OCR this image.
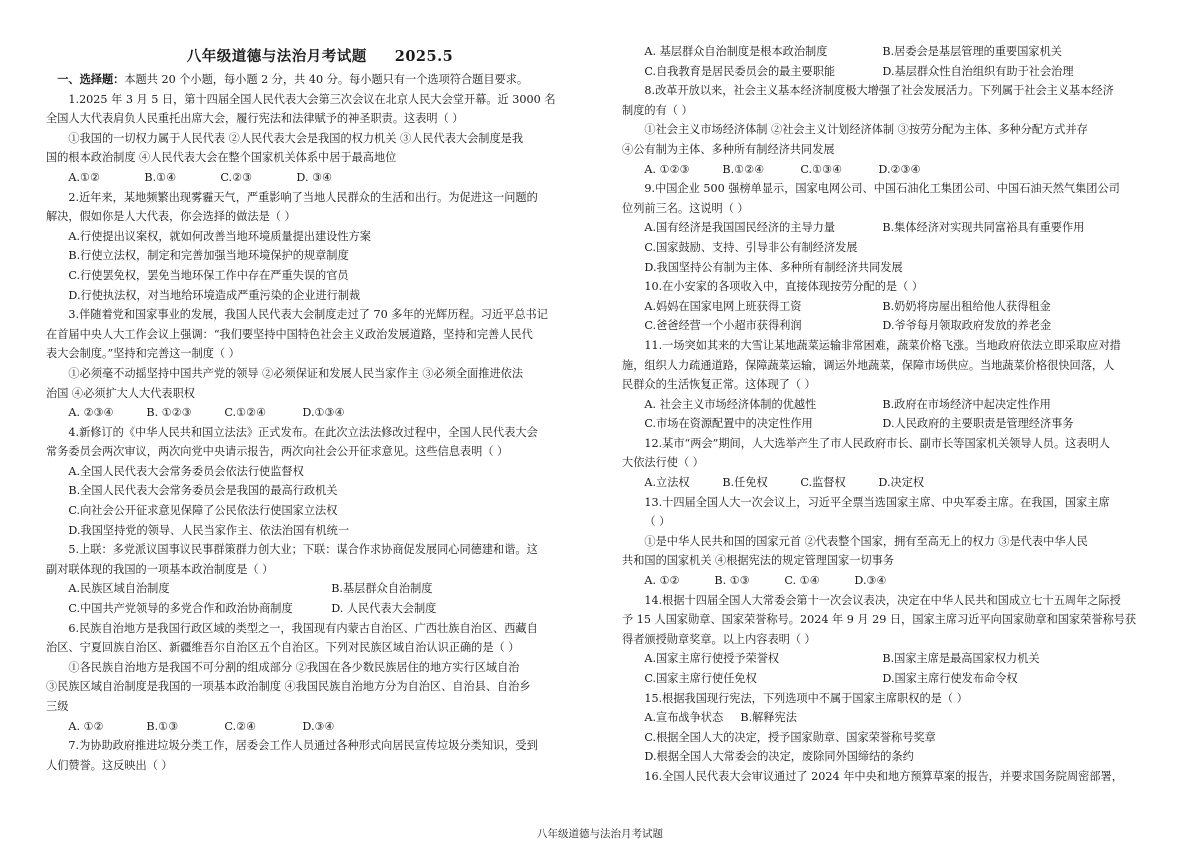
八年级道德与法治月考试题 2025.5
一、选择题：本题共 20 个小题，每小题 2 分，共 40 分。每小题只有一个选项符合题目要求。
1.2025 年 3 月 5 日，第十四届全国人民代表大会第三次会议在北京人民大会堂开幕。近 3000 名
全国人大代表肩负人民重托出席大会，履行宪法和法律赋予的神圣职责。这表明（ ）
①我国的一切权力属于人民代表 ②人民代表大会是我国的权力机关 ③人民代表大会制度是我
国的根本政治制度 ④人民代表大会在整个国家机关体系中居于最高地位
A.①②	B.①④	C.②③	D. ③④
2.近年来，某地频繁出现雾霾天气，严重影响了当地人民群众的生活和出行。为促进这一问题的
解决，假如你是人大代表，你会选择的做法是（ ）
A.行使提出议案权，就如何改善当地环境质量提出建设性方案
B.行使立法权，制定和完善加强当地环境保护的规章制度
C.行使罢免权，罢免当地环保工作中存在严重失误的官员
D.行使执法权，对当地给环境造成严重污染的企业进行制裁
3.伴随着党和国家事业的发展，我国人民代表大会制度走过了 70 多年的光辉历程。习近平总书记
在首届中央人大工作会议上强调：“我们要坚持中国特色社会主义政治发展道路，坚持和完善人民代
表大会制度。”坚持和完善这一制度（ ）
①必须毫不动摇坚持中国共产党的领导 ②必须保证和发展人民当家作主 ③必须全面推进依法
治国 ④必须扩大人大代表职权
A. ②③④	B. ①②③	C.①②④	D.①③④
4.新修订的《中华人民共和国立法法》正式发布。在此次立法法修改过程中，全国人民代表大会
常务委员会两次审议，两次向党中央请示报告，两次向社会公开征求意见。这些信息表明（ ）
A.全国人民代表大会常务委员会依法行使监督权
B.全国人民代表大会常务委员会是我国的最高行政机关
C.向社会公开征求意见保障了公民依法行使国家立法权
D.我国坚持党的领导、人民当家作主、依法治国有机统一
5.上联：多党派议国事议民事群策群力创大业；下联：谋合作求协商促发展同心同德建和谐。这
副对联体现的我国的一项基本政治制度是（ ）
A.民族区域自治制度	B.基层群众自治制度
C.中国共产党领导的多党合作和政治协商制度	D. 人民代表大会制度
6.民族自治地方是我国行政区域的类型之一，我国现有内蒙古自治区、广西壮族自治区、西藏自
治区、宁夏回族自治区、新疆维吾尔自治区五个自治区。下列对民族区域自治认识正确的是（ ）
①各民族自治地方是我国不可分割的组成部分 ②我国在各少数民族居住的地方实行区域自治
③民族区域自治制度是我国的一项基本政治制度 ④我国民族自治地方分为自治区、自治县、自治乡
三级
A. ①②	B.①③	C.②④	D.③④
7.为协助政府推进垃圾分类工作，居委会工作人员通过各种形式向居民宣传垃圾分类知识，受到
人们赞誉。这反映出（ ）
A. 基层群众自治制度是根本政治制度	B.居委会是基层管理的重要国家机关
C.自我教育是居民委员会的最主要职能	D.基层群众性自治组织有助于社会治理
8.改革开放以来，社会主义基本经济制度极大增强了社会发展活力。下列属于社会主义基本经济
制度的有（ ）
①社会主义市场经济体制 ②社会主义计划经济体制 ③按劳分配为主体、多种分配方式并存
④公有制为主体、多种所有制经济共同发展
A. ①②③	B.①②④	C.①③④	D.②③④
9.中国企业 500 强榜单显示，国家电网公司、中国石油化工集团公司、中国石油天然气集团公司
位列前三名。这说明（ ）
A.国有经济是我国国民经济的主导力量	B.集体经济对实现共同富裕具有重要作用
C.国家鼓励、支持、引导非公有制经济发展
D.我国坚持公有制为主体、多种所有制经济共同发展
10.在小安家的各项收入中，直接体现按劳分配的是（ ）
A.妈妈在国家电网上班获得工资	B.奶奶将房屋出租给他人获得租金
C.爸爸经营一个小超市获得利润	D.爷爷每月领取政府发放的养老金
11.一场突如其来的大雪让某地蔬菜运输非常困难，蔬菜价格飞涨。当地政府依法立即采取应对措
施，组织人力疏通道路，保障蔬菜运输，调运外地蔬菜，保障市场供应。当地蔬菜价格很快回落，人
民群众的生活恢复正常。这体现了（ ）
A. 社会主义市场经济体制的优越性	B.政府在市场经济中起决定性作用
C.市场在资源配置中的决定性作用	D.人民政府的主要职责是管理经济事务
12.某市“两会”期间，人大选举产生了市人民政府市长、副市长等国家机关领导人员。这表明人
大依法行使（ ）
A.立法权	B.任免权	C.监督权	D.决定权
13.十四届全国人大一次会议上，习近平全票当选国家主席、中央军委主席。在我国，国家主席
（ ）
①是中华人民共和国的国家元首 ②代表整个国家，拥有至高无上的权力 ③是代表中华人民
共和国的国家机关 ④根据宪法的规定管理国家一切事务
A. ①②	B. ①③	C. ①④	D.③④
14.根据十四届全国人大常委会第十一次会议表决，决定在中华人民共和国成立七十五周年之际授
予 15 人国家勋章、国家荣誉称号。2024 年 9 月 29 日，国家主席习近平向国家勋章和国家荣誉称号获
得者颁授勋章奖章。以上内容表明（ ）
A.国家主席行使授予荣誉权	B.国家主席是最高国家权力机关
C.国家主席行使任免权	D.国家主席行使发布命令权
15.根据我国现行宪法，下列选项中不属于国家主席职权的是（ ）
A.宣布战争状态	B.解释宪法
C.根据全国人大的决定，授予国家勋章、国家荣誉称号奖章
D.根据全国人大常委会的决定，废除同外国缔结的条约
16.全国人民代表大会审议通过了 2024 年中央和地方预算草案的报告，并要求国务院周密部署，
八年级道德与法治月考试题
